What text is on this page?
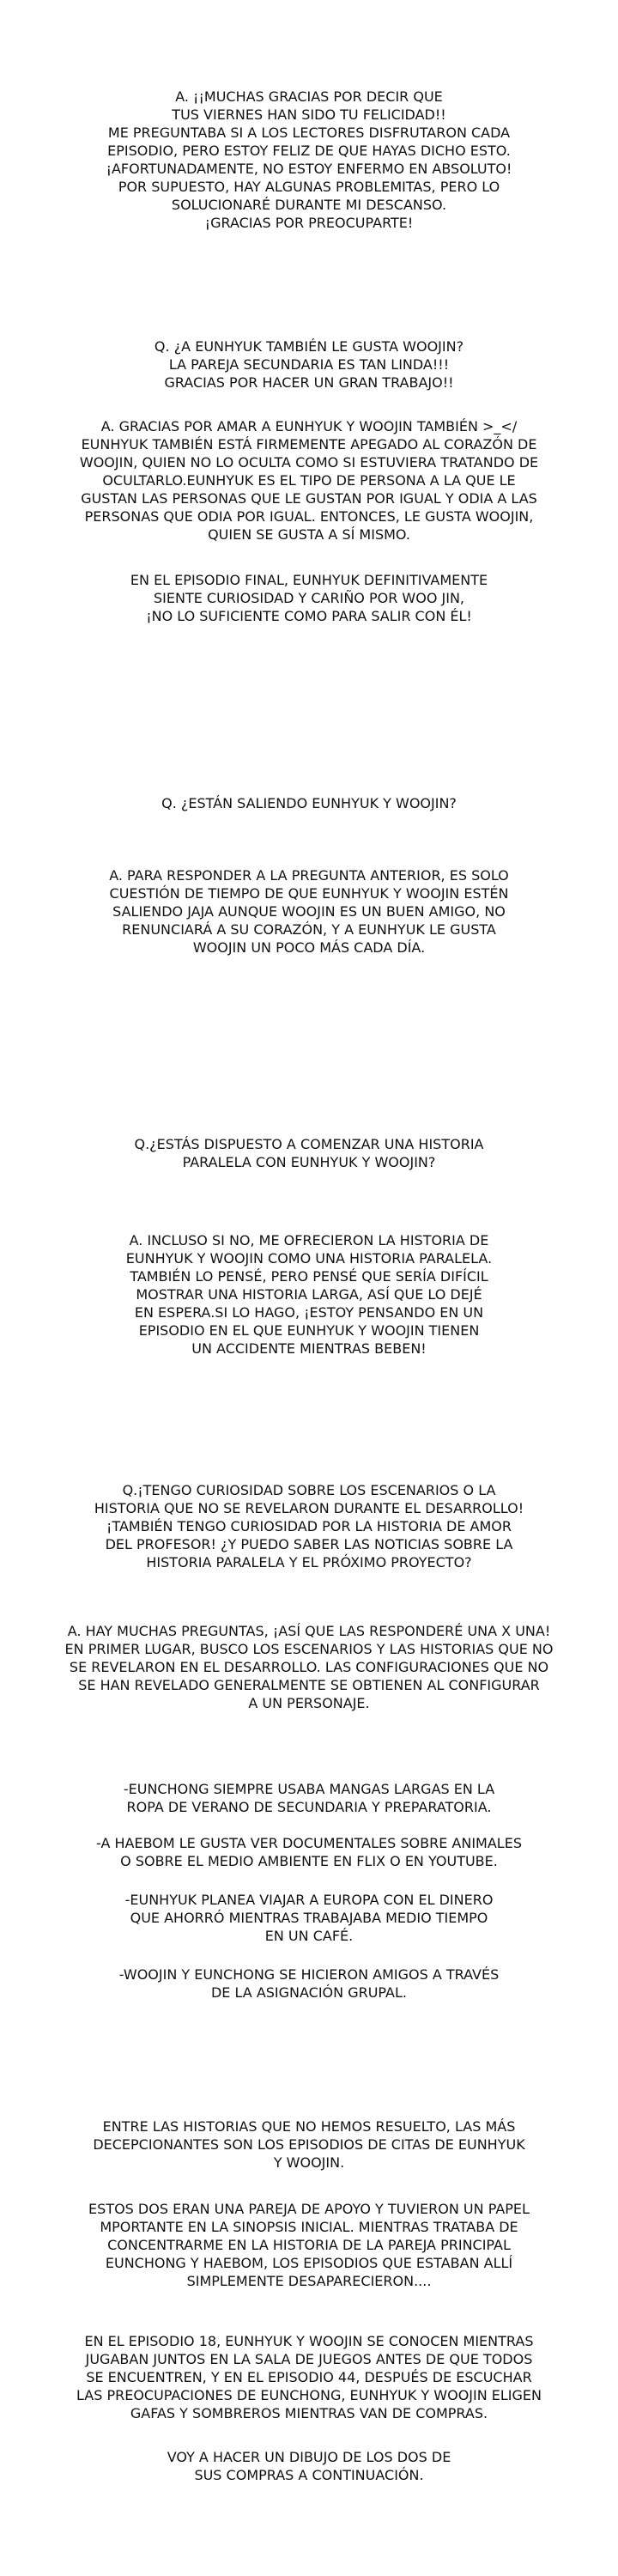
A. ¡¡MUCHAS GRACIAS POR DECIR QUE
TUS VIERNES HAN SIDO TU FELICIDAD!!
ME PREGUNTABA SI A LOS LECTORES DISFRUTARON CADA
EPISODIO, PERO ESTOY FELIZ DE QUE HAYAS DICHO ESTO.
¡AFORTUNADAMENTE, NO ESTOY ENFERMO EN ABSOLUTO!
POR SUPUESTO, HAY ALGUNAS PROBLEMITAS, PERO LO
SOLUCIONARÉ DURANTE MI DESCANSO.
¡GRACIAS POR PREOCUPARTE!
Q. ¿A EUNHYUK TAMBIÉN LE GUSTA WOOJIN?
LA PAREJA SECUNDARIA ES TAN LINDA!!!
GRACIAS POR HACER UN GRAN TRABAJO!!
A. GRACIAS POR AMAR A EUNHYUK Y WOOJIN TAMBIÉN >_</
EUNHYUK TAMBIÉN ESTÁ FIRMEMENTE APEGADO AL CORAZÓN DE
WOOJIN, QUIEN NO LO OCULTA COMO SI ESTUVIERA TRATANDO DE
OCULTARLO.EUNHYUK ES EL TIPO DE PERSONA A LA QUE LE
GUSTAN LAS PERSONAS QUE LE GUSTAN POR IGUAL Y ODIA A LAS
PERSONAS QUE ODIA POR IGUAL. ENTONCES, LE GUSTA WOOJIN,
QUIEN SE GUSTA A SÍ MISMO.
EN EL EPISODIO FINAL, EUNHYUK DEFINITIVAMENTE
SIENTE CURIOSIDAD Y CARIÑO POR WOO JIN,
¡NO LO SUFICIENTE COMO PARA SALIR CON ÉL!
Q. ¿ESTÁN SALIENDO EUNHYUK Y WOOJIN?
A. PARA RESPONDER A LA PREGUNTA ANTERIOR, ES SOLO
CUESTIÓN DE TIEMPO DE QUE EUNHYUK Y WOOJIN ESTÉN
SALIENDO JAJA AUNQUE WOOJIN ES UN BUEN AMIGO, NO
RENUNCIARÁ A SU CORAZÓN, Y A EUNHYUK LE GUSTA
WOOJIN UN POCO MÁS CADA DÍA.
Q.¿ESTÁS DISPUESTO A COMENZAR UNA HISTORIA
PARALELA CON EUNHYUK Y WOOJIN?
A. INCLUSO SI NO, ME OFRECIERON LA HISTORIA DE
EUNHYUK Y WOOJIN COMO UNA HISTORIA PARALELA.
TAMBIÉN LO PENSÉ, PERO PENSÉ QUE SERÍA DIFÍCIL
MOSTRAR UNA HISTORIA LARGA, ASÍ QUE LO DEJÉ
EN ESPERA.SI LO HAGO, ¡ESTOY PENSANDO EN UN
EPISODIO EN EL QUE EUNHYUK Y WOOJIN TIENEN
UN ACCIDENTE MIENTRAS BEBEN!
Q.¡TENGO CURIOSIDAD SOBRE LOS ESCENARIOS O LA
HISTORIA QUE NO SE REVELARON DURANTE EL DESARROLLO!
¡TAMBIÉN TENGO CURIOSIDAD POR LA HISTORIA DE AMOR
DEL PROFESOR! ¿Y PUEDO SABER LAS NOTICIAS SOBRE LA
HISTORIA PARALELA Y EL PRÓXIMO PROYECTO?
A. HAY MUCHAS PREGUNTAS, ¡ASÍ QUE LAS RESPONDERÉ UNA X UNA!
EN PRIMER LUGAR, BUSCO LOS ESCENARIOS Y LAS HISTORIAS QUE NO
SE REVELARON EN EL DESARROLLO. LAS CONFIGURACIONES QUE NO
SE HAN REVELADO GENERALMENTE SE OBTIENEN AL CONFIGURAR
A UN PERSONAJE.
-EUNCHONG SIEMPRE USABA MANGAS LARGAS EN LA
ROPA DE VERANO DE SECUNDARIA Y PREPARATORIA.
-A HAEBOM LE GUSTA VER DOCUMENTALES SOBRE ANIMALES
O SOBRE EL MEDIO AMBIENTE EN FLIX O EN YOUTUBE.
-EUNHYUK PLANEA VIAJAR A EUROPA CON EL DINERO
QUE AHORRÓ MIENTRAS TRABAJABA MEDIO TIEMPO
EN UN CAFÉ.
-WOOJIN Y EUNCHONG SE HICIERON AMIGOS A TRAVÉS
DE LA ASIGNACIÓN GRUPAL.
ENTRE LAS HISTORIAS QUE NO HEMOS RESUELTO, LAS MÁS
DECEPCIONANTES SON LOS EPISODIOS DE CITAS DE EUNHYUK
Y WOOJIN.
ESTOS DOS ERAN UNA PAREJA DE APOYO Y TUVIERON UN PAPEL
MPORTANTE EN LA SINOPSIS INICIAL. MIENTRAS TRATABA DE
CONCENTRARME EN LA HISTORIA DE LA PAREJA PRINCIPAL
EUNCHONG Y HAEBOM, LOS EPISODIOS QUE ESTABAN ALLÍ
SIMPLEMENTE DESAPARECIERON....
EN EL EPISODIO 18, EUNHYUK Y WOOJIN SE CONOCEN MIENTRAS
JUGABAN JUNTOS EN LA SALA DE JUEGOS ANTES DE QUE TODOS
SE ENCUENTREN, Y EN EL EPISODIO 44, DESPUÉS DE ESCUCHAR
LAS PREOCUPACIONES DE EUNCHONG, EUNHYUK Y WOOJIN ELIGEN
GAFAS Y SOMBREROS MIENTRAS VAN DE COMPRAS.
VOY A HACER UN DIBUJO DE LOS DOS DE
SUS COMPRAS A CONTINUACIÓN.
